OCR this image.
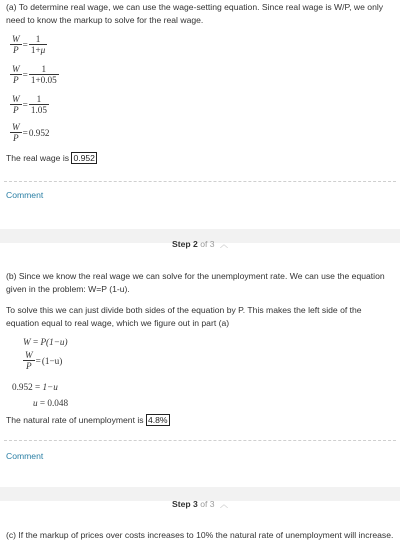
(a) To determine real wage, we can use the wage-setting equation. Since real wage is W/P, we only need to know the markup to solve for the real wage.
$\frac{W}{P} = \frac{1}{1+\mu}$
$\frac{W}{P} = \frac{1}{1+0.05}$
$\frac{W}{P} = \frac{1}{1.05}$
$\frac{W}{P} =0.952$
The real wage is 0.952
Comment
Step 2 of 3 ︿
(b) Since we know the real wage we can solve for the unemployment rate. We can use the equation given in the problem: W=P (1-u).
To solve this we can just divide both sides of the equation by P. This makes the left side of the equation equal to real wage, which we figure out in part (a)
W = P(1−u)
$\frac{W}{P} =(1-u)$
0.952 = 1−u
u = 0.048
The natural rate of unemployment is 4.8%
Comment
Step 3 of 3 ︿
(c) If the markup of prices over costs increases to 10% the natural rate of unemployment will increase.
